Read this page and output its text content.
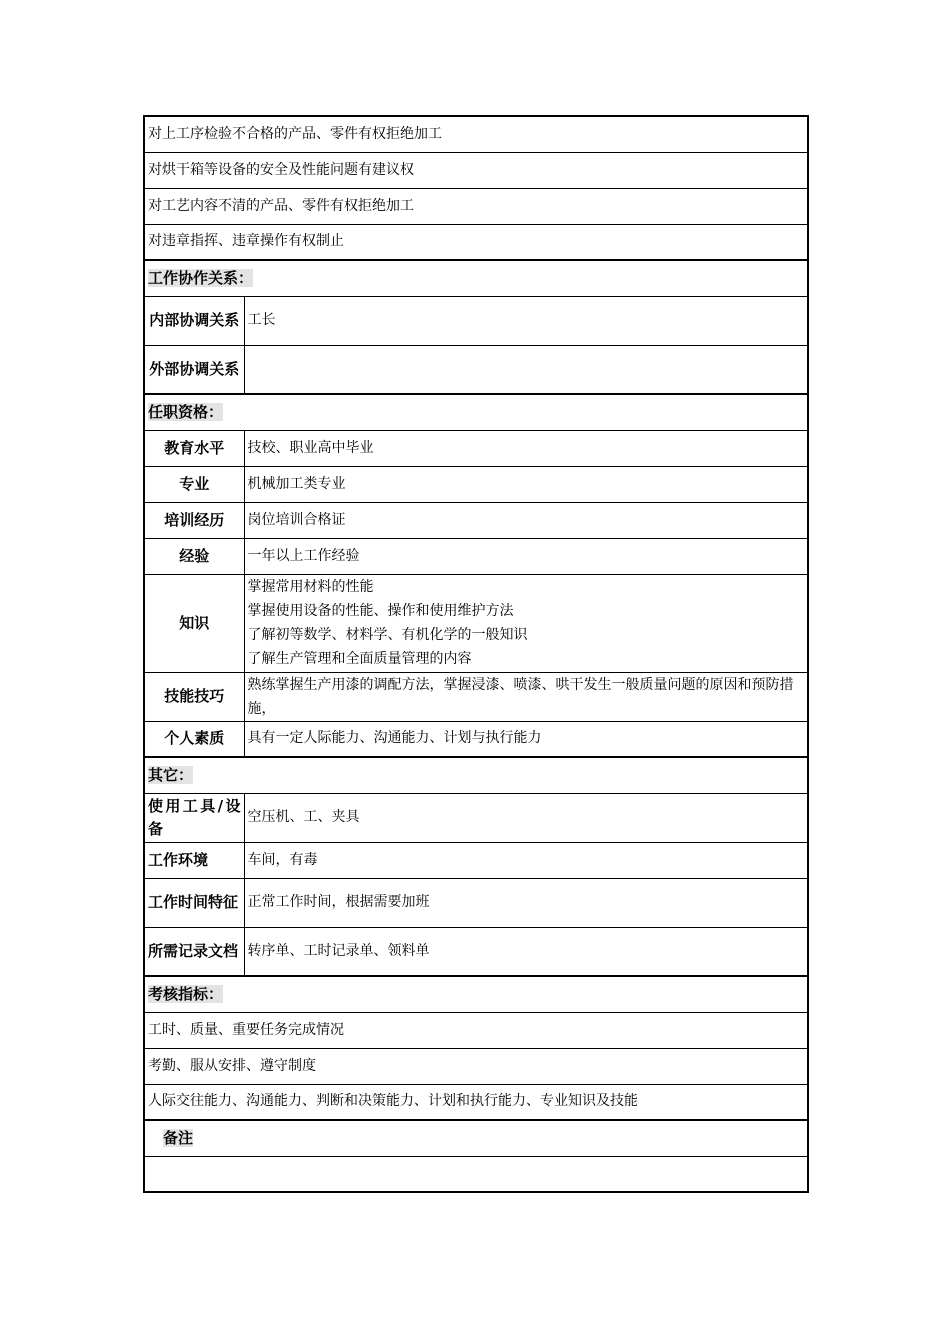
对上工序检验不合格的产品、零件有权拒绝加工	
对烘干箱等设备的安全及性能问题有建议权	
对工艺内容不清的产品、零件有权拒绝加工	
对违章指挥、违章操作有权制止	
工作协作关系：	
内部协调关系	工长
外部协调关系	
任职资格：	
教育水平	技校、职业高中毕业
专业	机械加工类专业
培训经历	岗位培训合格证
经验	一年以上工作经验
知识	掌握常用材料的性能
掌握使用设备的性能、操作和使用维护方法
了解初等数学、材料学、有机化学的一般知识
了解生产管理和全面质量管理的内容

技能技巧	熟练掌握生产用漆的调配方法，掌握浸漆、喷漆、哄干发生一般质量问题的原因和预防措施，
个人素质	具有一定人际能力、沟通能力、计划与执行能力
其它：	
使用工具/设备	空压机、工、夹具
工作环境	车间，有毒
工作时间特征	正常工作时间，根据需要加班
所需记录文档	转序单、工时记录单、领料单
考核指标：	
工时、质量、重要任务完成情况	
考勤、服从安排、遵守制度	
人际交往能力、沟通能力、判断和决策能力、计划和执行能力、专业知识及技能	
备注	
